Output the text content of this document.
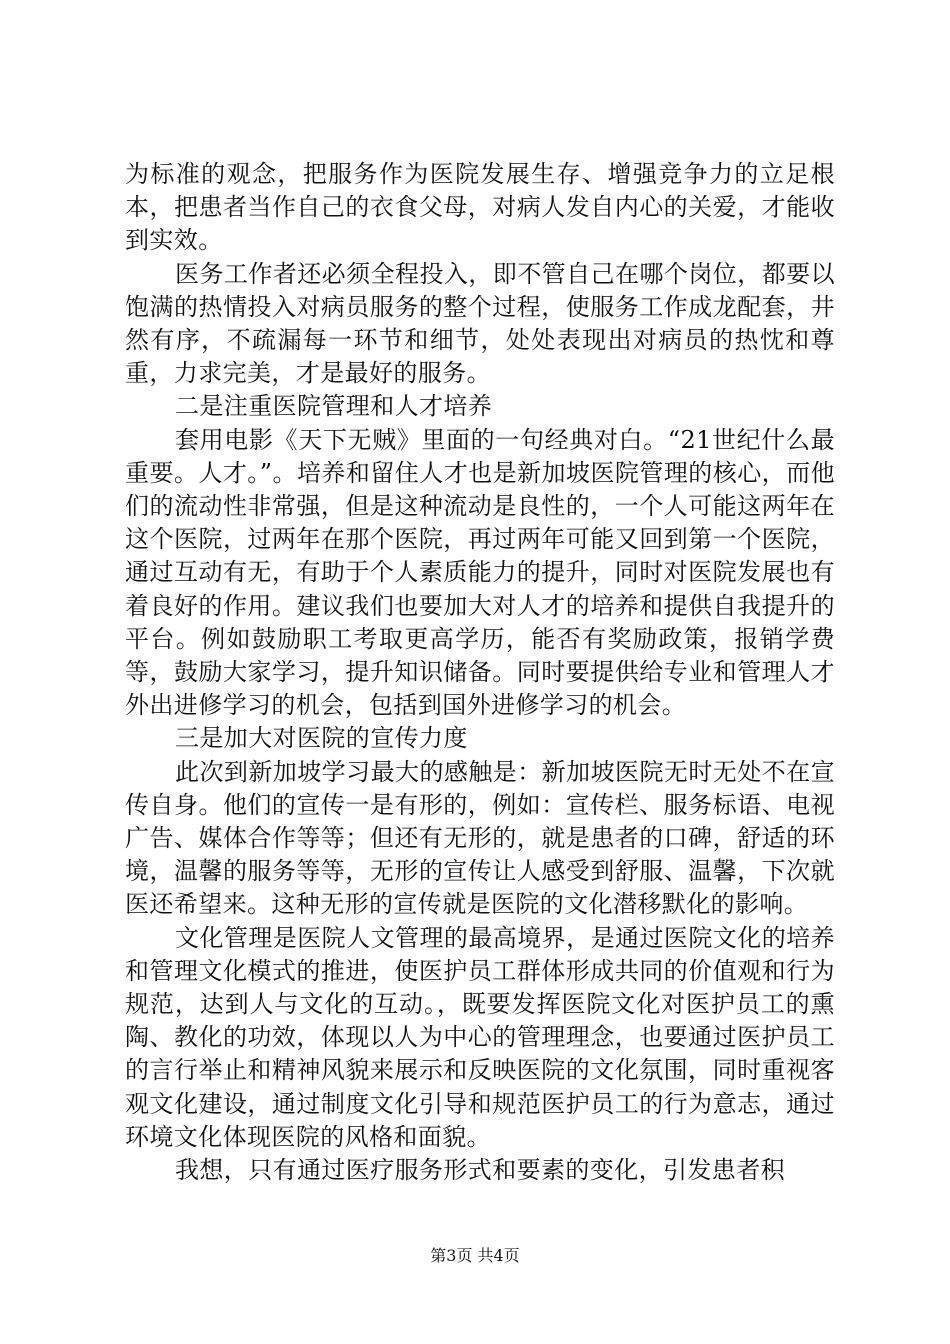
为标准的观念，把服务作为医院发展生存、增强竞争力的立足根本，把患者当作自己的衣食父母，对病人发自内心的关爱，才能收到实效。

医务工作者还必须全程投入，即不管自己在哪个岗位，都要以饱满的热情投入对病员服务的整个过程，使服务工作成龙配套，井然有序，不疏漏每一环节和细节，处处表现出对病员的热忱和尊重，力求完美，才是最好的服务。

二是注重医院管理和人才培养

套用电影《天下无贼》里面的一句经典对白。“21世纪什么最重要。人才。”。培养和留住人才也是新加坡医院管理的核心，而他们的流动性非常强，但是这种流动是良性的，一个人可能这两年在这个医院，过两年在那个医院，再过两年可能又回到第一个医院，通过互动有无，有助于个人素质能力的提升，同时对医院发展也有着良好的作用。建议我们也要加大对人才的培养和提供自我提升的平台。例如鼓励职工考取更高学历，能否有奖励政策，报销学费等，鼓励大家学习，提升知识储备。同时要提供给专业和管理人才外出进修学习的机会，包括到国外进修学习的机会。

三是加大对医院的宣传力度

此次到新加坡学习最大的感触是：新加坡医院无时无处不在宣传自身。他们的宣传一是有形的，例如：宣传栏、服务标语、电视广告、媒体合作等等；但还有无形的，就是患者的口碑，舒适的环境，温馨的服务等等，无形的宣传让人感受到舒服、温馨，下次就医还希望来。这种无形的宣传就是医院的文化潜移默化的影响。

文化管理是医院人文管理的最高境界，是通过医院文化的培养和管理文化模式的推进，使医护员工群体形成共同的价值观和行为规范，达到人与文化的互动。，既要发挥医院文化对医护员工的熏陶、教化的功效，体现以人为中心的管理理念，也要通过医护员工的言行举止和精神风貌来展示和反映医院的文化氛围，同时重视客观文化建设，通过制度文化引导和规范医护员工的行为意志，通过环境文化体现医院的风格和面貌。

我想，只有通过医疗服务形式和要素的变化，引发患者积

第3页 共4页
